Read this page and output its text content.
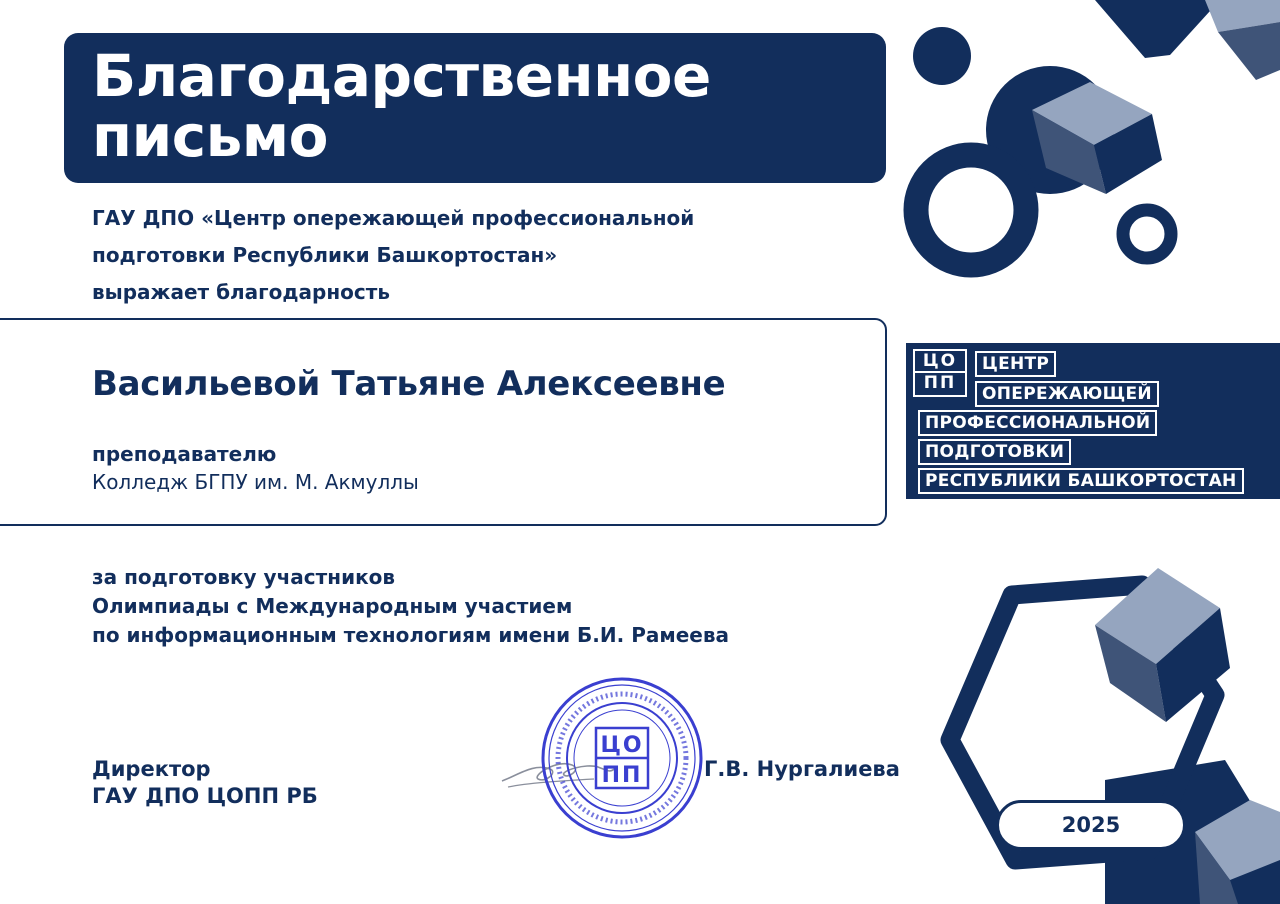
Благодарственное
письмо
ГАУ ДПО «Центр опережающей профессиональной
подготовки Республики Башкортостан»
выражает благодарность
Васильевой Татьяне Алексеевне
преподавателю
Колледж БГПУ им. М. Акмуллы
ЦО
ПП
ЦЕНТР
ОПЕРЕЖАЮЩЕЙ
ПРОФЕССИОНАЛЬНОЙ
ПОДГОТОВКИ
РЕСПУБЛИКИ БАШКОРТОСТАН
за подготовку участников
Олимпиады с Международным участием
по информационным технологиям имени Б.И. Рамеева
Директор
ГАУ ДПО ЦОПП РБ
ЦО
ПП	Г.В. Нургалиева
2025
